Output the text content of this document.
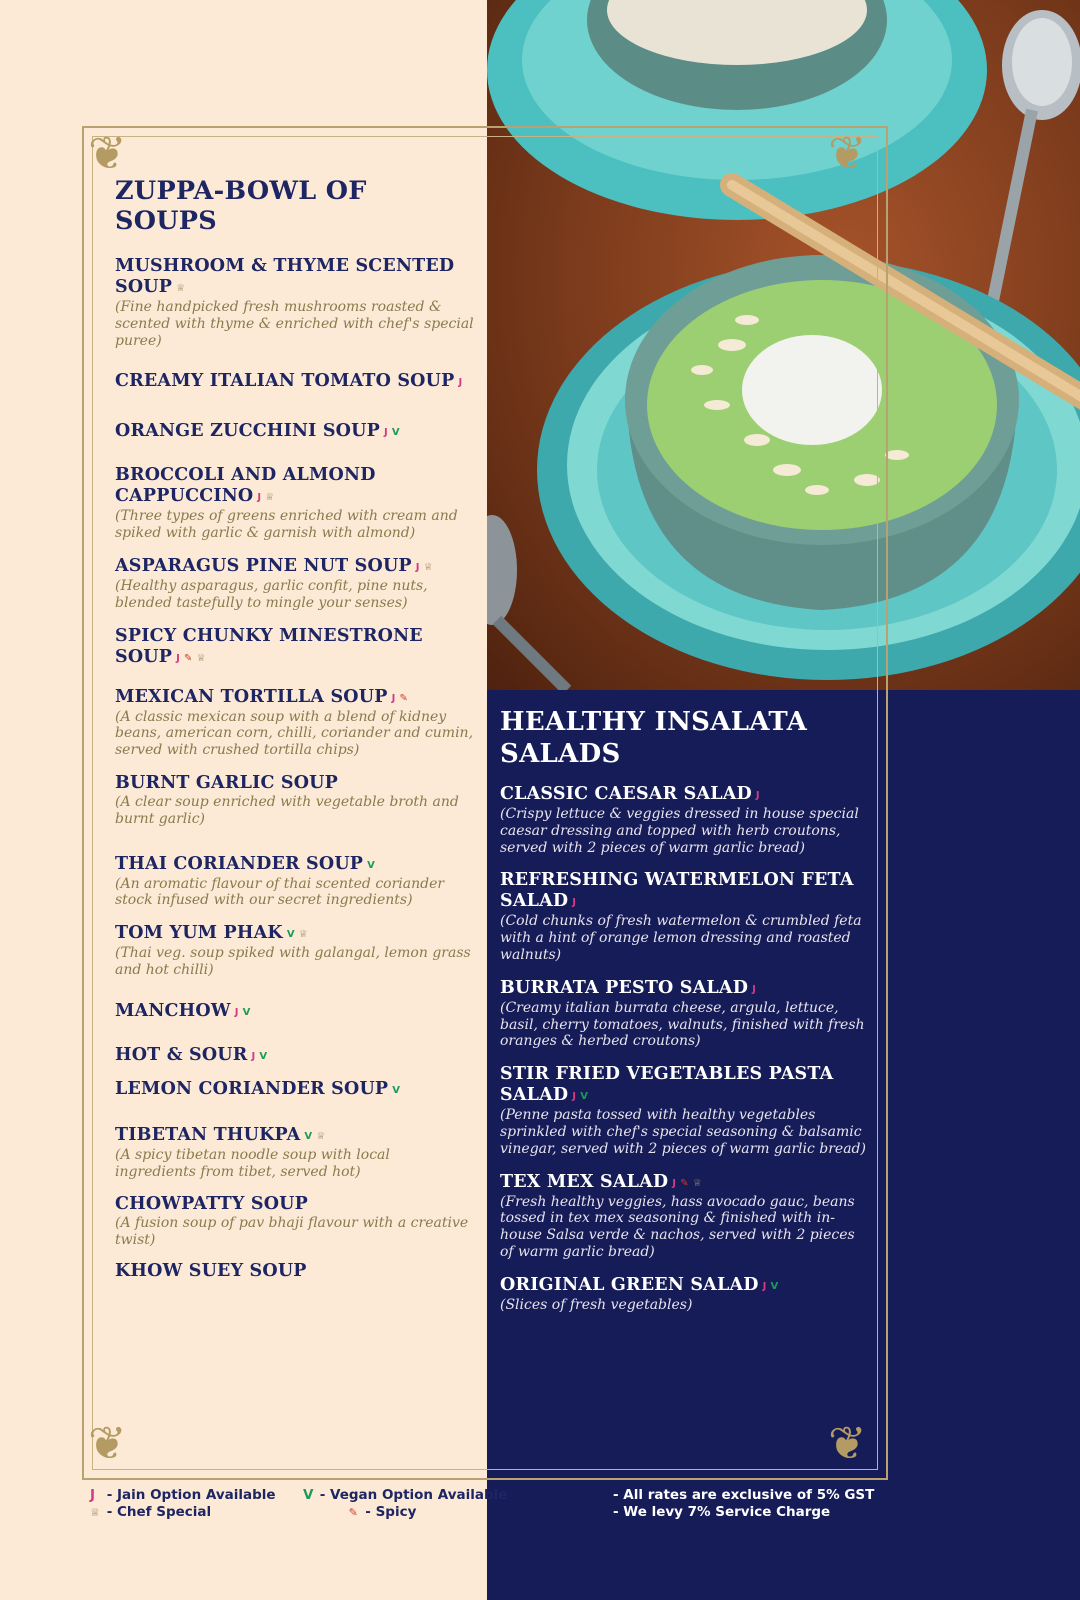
❦	❦
❦	❦
ZUPPA-BOWL OF SOUPS
MUSHROOM & THYME SCENTED SOUP ♕
(Fine handpicked fresh mushrooms roasted & scented with thyme & enriched with chef's special puree)
CREAMY ITALIAN TOMATO SOUP J
ORANGE ZUCCHINI SOUP J V
BROCCOLI AND ALMOND CAPPUCCINO J ♕
(Three types of greens enriched with cream and spiked with garlic & garnish with almond)
ASPARAGUS PINE NUT SOUP J ♕
(Healthy asparagus, garlic confit, pine nuts, blended tastefully to mingle your senses)
SPICY CHUNKY MINESTRONE SOUP J ✎ ♕
MEXICAN TORTILLA SOUP J ✎
(A classic mexican soup with a blend of kidney beans, american corn, chilli, coriander and cumin, served with crushed tortilla chips)
BURNT GARLIC SOUP
(A clear soup enriched with vegetable broth and burnt garlic)
THAI CORIANDER SOUP V
(An aromatic flavour of thai scented coriander stock infused with our secret ingredients)
TOM YUM PHAK V ♕
(Thai veg. soup spiked with galangal, lemon grass and hot chilli)
MANCHOW J V
HOT & SOUR J V
LEMON CORIANDER SOUP V
TIBETAN THUKPA V ♕
(A spicy tibetan noodle soup with local ingredients from tibet, served hot)
CHOWPATTY SOUP
(A fusion soup of pav bhaji flavour with a creative twist)
KHOW SUEY SOUP
HEALTHY INSALATA SALADS
CLASSIC CAESAR SALAD J
(Crispy lettuce & veggies dressed in house special caesar dressing and topped with herb croutons, served with 2 pieces of warm garlic bread)
REFRESHING WATERMELON FETA SALAD J
(Cold chunks of fresh watermelon & crumbled feta with a hint of orange lemon dressing and roasted walnuts)
BURRATA PESTO SALAD J
(Creamy italian burrata cheese, argula, lettuce, basil, cherry tomatoes, walnuts, finished with fresh oranges & herbed croutons)
STIR FRIED VEGETABLES PASTA SALAD J V
(Penne pasta tossed with healthy vegetables sprinkled with chef's special seasoning & balsamic vinegar, served with 2 pieces of warm garlic bread)
TEX MEX SALAD J ✎ ♕
(Fresh healthy veggies, hass avocado gauc, beans tossed in tex mex seasoning & finished with in-house Salsa verde & nachos, served with 2 pieces of warm garlic bread)
ORIGINAL GREEN SALAD J V
(Slices of fresh vegetables)
J - Jain Option Available V - Vegan Option Available
♕ - Chef Special	✎ - Spicy
- All rates are exclusive of 5% GST
- We levy 7% Service Charge
